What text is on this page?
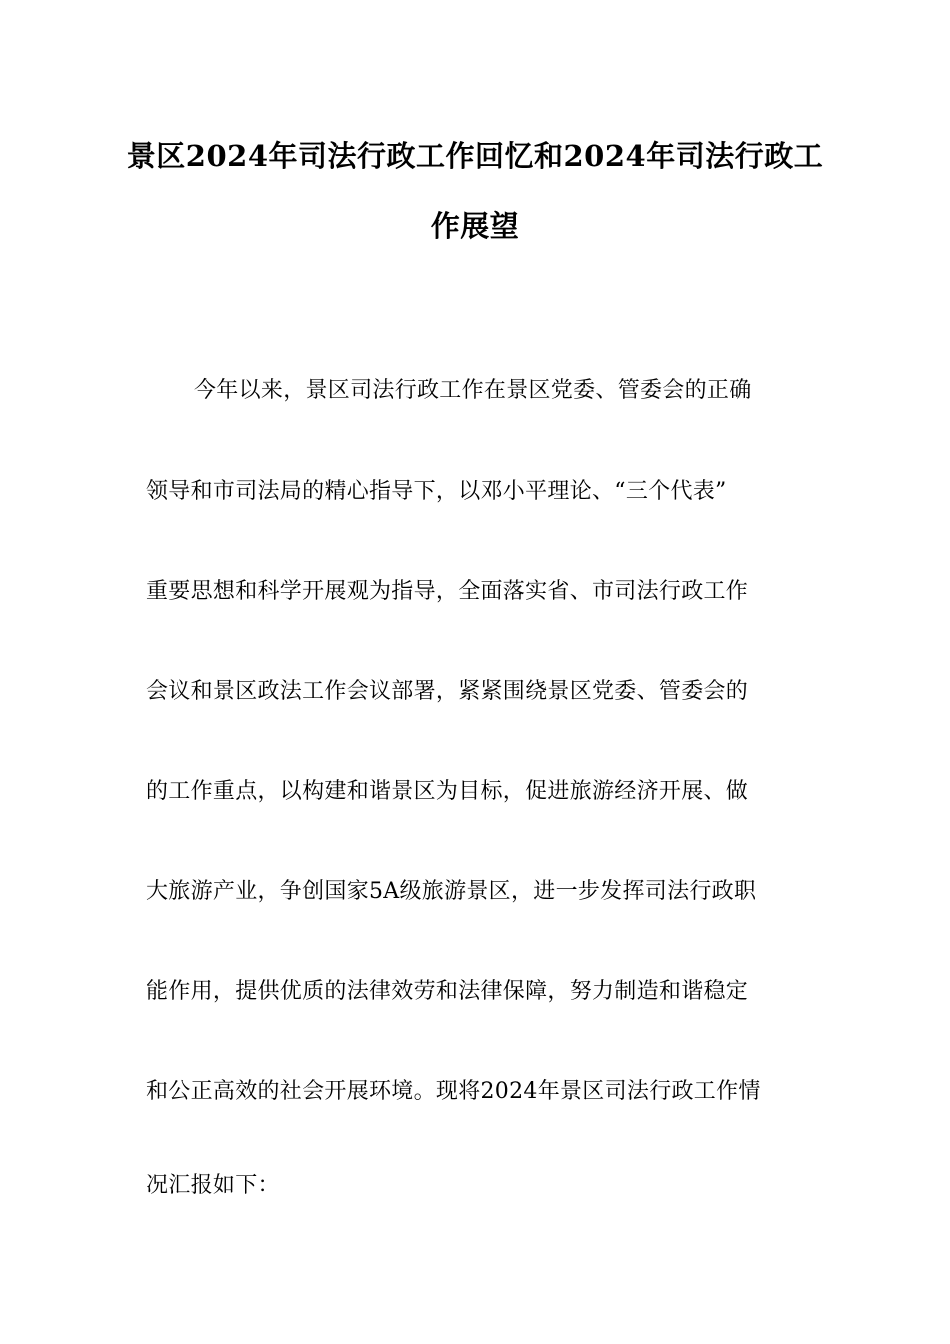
景区2024年司法行政工作回忆和2024年司法行政工
作展望
今年以来，景区司法行政工作在景区党委、管委会的正确
领导和市司法局的精心指导下，以邓小平理论、“三个代表”
重要思想和科学开展观为指导，全面落实省、市司法行政工作
会议和景区政法工作会议部署，紧紧围绕景区党委、管委会的
的工作重点，以构建和谐景区为目标，促进旅游经济开展、做
大旅游产业，争创国家5A级旅游景区，进一步发挥司法行政职
能作用，提供优质的法律效劳和法律保障，努力制造和谐稳定
和公正高效的社会开展环境。现将2024年景区司法行政工作情
况汇报如下：
